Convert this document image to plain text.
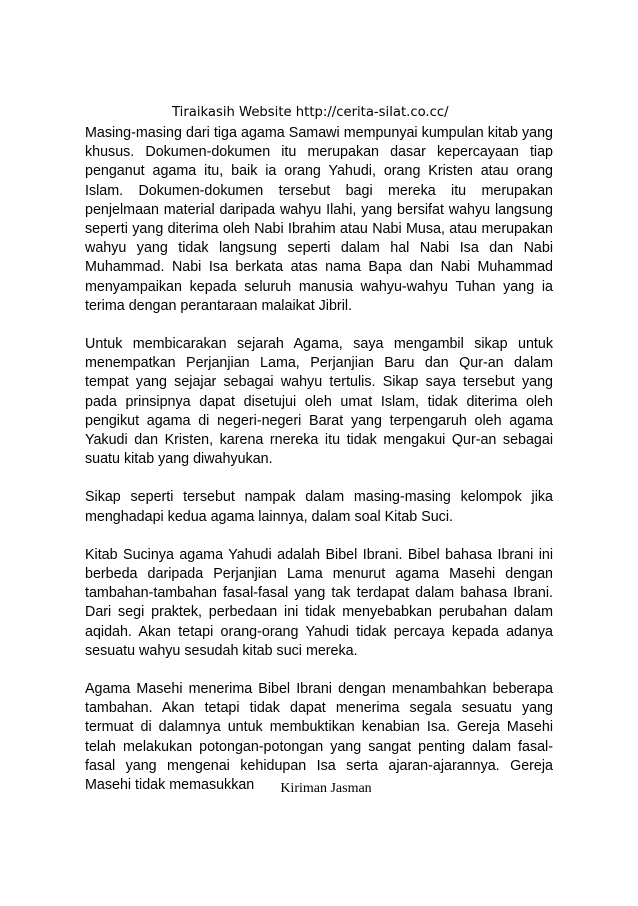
Tiraikasih Website http://cerita-silat.co.cc/

Masing-masing dari tiga agama Samawi mempunyai kumpulan kitab yang khusus. Dokumen-dokumen itu merupakan dasar kepercayaan tiap penganut agama itu, baik ia orang Yahudi, orang Kristen atau orang Islam. Dokumen-dokumen tersebut bagi mereka itu merupakan penjelmaan material daripada wahyu Ilahi, yang bersifat wahyu langsung seperti yang diterima oleh Nabi Ibrahim atau Nabi Musa, atau merupakan wahyu yang tidak langsung seperti dalam hal Nabi Isa dan Nabi Muhammad. Nabi Isa berkata atas nama Bapa dan Nabi Muhammad menyampaikan kepada seluruh manusia wahyu-wahyu Tuhan yang ia terima dengan perantaraan malaikat Jibril.

Untuk membicarakan sejarah Agama, saya mengambil sikap untuk menempatkan Perjanjian Lama, Perjanjian Baru dan Qur-an dalam tempat yang sejajar sebagai wahyu tertulis. Sikap saya tersebut yang pada prinsipnya dapat disetujui oleh umat Islam, tidak diterima oleh pengikut agama di negeri-negeri Barat yang terpengaruh oleh agama Yakudi dan Kristen, karena rnereka itu tidak mengakui Qur-an sebagai suatu kitab yang diwahyukan.

Sikap seperti tersebut nampak dalam masing-masing kelompok jika menghadapi kedua agama lainnya, dalam soal Kitab Suci.

Kitab Sucinya agama Yahudi adalah Bibel Ibrani. Bibel bahasa Ibrani ini berbeda daripada Perjanjian Lama menurut agama Masehi dengan tambahan-tambahan fasal-fasal yang tak terdapat dalam bahasa Ibrani. Dari segi praktek, perbedaan ini tidak menyebabkan perubahan dalam aqidah. Akan tetapi orang-orang Yahudi tidak percaya kepada adanya sesuatu wahyu sesudah kitab suci mereka.

Agama Masehi menerima Bibel Ibrani dengan menambahkan beberapa tambahan. Akan tetapi tidak dapat menerima segala sesuatu yang termuat di dalamnya untuk membuktikan kenabian Isa. Gereja Masehi telah melakukan potongan-potongan yang sangat penting dalam fasal-fasal yang mengenai kehidupan Isa serta ajaran-ajarannya. Gereja Masehi tidak memasukkan	Kiriman Jasman
